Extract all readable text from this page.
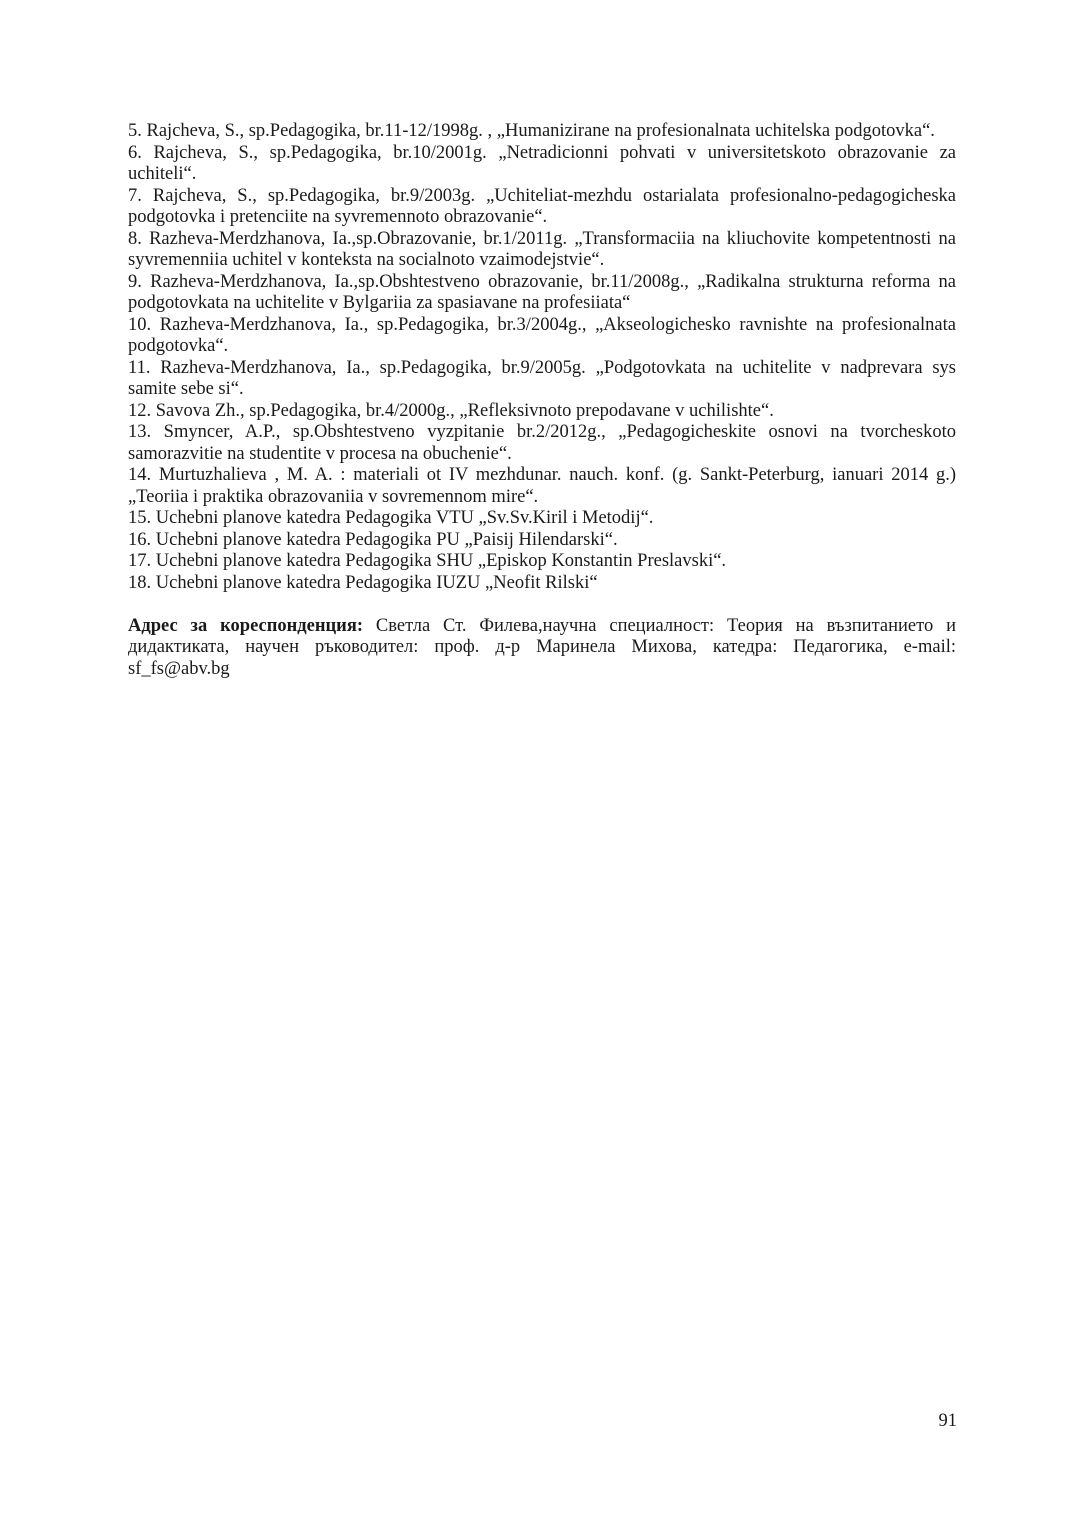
5. Rajcheva, S., sp.Pedagogika, br.11-12/1998g. , „Humanizirane na profesionalnata uchitelska podgotovka“.

6. Rajcheva, S., sp.Pedagogika, br.10/2001g. „Netradicionni pohvati v universitetskoto obrazovanie za uchiteli“.

7. Rajcheva, S., sp.Pedagogika, br.9/2003g. „Uchiteliat-mezhdu ostarialata profesionalno-pedagogicheska podgotovka i pretenciite na syvremennoto obrazovanie“.

8. Razheva-Merdzhanova, Ia.,sp.Obrazovanie, br.1/2011g. „Transformaciia na kliuchovite kompetentnosti na syvremenniia uchitel v konteksta na socialnoto vzaimodejstvie“.

9. Razheva-Merdzhanova, Ia.,sp.Obshtestveno obrazovanie, br.11/2008g., „Radikalna strukturna reforma na podgotovkata na uchitelite v Bylgariia za spasiavane na profesiiata“

10. Razheva-Merdzhanova, Ia., sp.Pedagogika, br.3/2004g., „Akseologichesko ravnishte na profesionalnata podgotovka“.

11. Razheva-Merdzhanova, Ia., sp.Pedagogika, br.9/2005g. „Podgotovkata na uchitelite v nadprevara sys samite sebe si“.

12. Savova Zh., sp.Pedagogika, br.4/2000g., „Refleksivnoto prepodavane v uchilishte“.

13. Smyncer, A.P., sp.Obshtestveno vyzpitanie br.2/2012g., „Pedagogicheskite osnovi na tvorcheskoto samorazvitie na studentite v procesa na obuchenie“.

14. Murtuzhalieva , M. A. : materiali ot IV mezhdunar. nauch. konf. (g. Sankt-Peterburg, ianuari 2014 g.) „Teoriia i praktika obrazovaniia v sovremennom mire“.

15. Uchebni planove katedra Pedagogika VTU „Sv.Sv.Kiril i Metodij“.

16. Uchebni planove katedra Pedagogika PU „Paisij Hilendarski“.

17. Uchebni planove katedra Pedagogika SHU „Episkop Konstantin Preslavski“.

18. Uchebni planove katedra Pedagogika IUZU „Neofit Rilski“

Адрес за кореспонденция: Светла Ст. Филева,научна специалност: Теория на възпитанието и дидактиката, научен ръководител: проф. д-р Маринела Михова, катедра: Педагогика, e-mail: sf_fs@abv.bg

91
